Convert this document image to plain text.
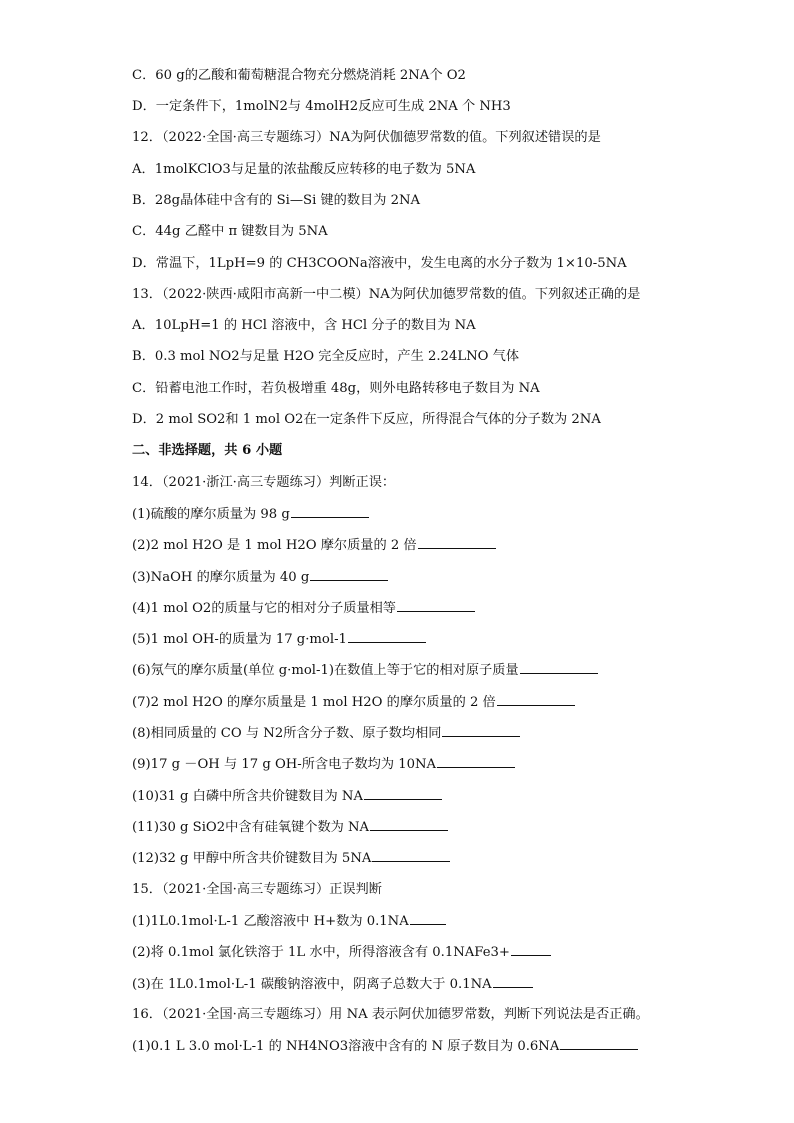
C．60 g的乙酸和葡萄糖混合物充分燃烧消耗 2NA个 O2
D．一定条件下，1molN2与 4molH2反应可生成 2NA 个 NH3
12．（2022·全国·高三专题练习）NA为阿伏伽德罗常数的值。下列叙述错误的是
A．1molKClO3与足量的浓盐酸反应转移的电子数为 5NA
B．28g晶体硅中含有的 Si—Si 键的数目为 2NA
C．44g 乙醛中 π 键数目为 5NA
D．常温下，1LpH=9 的 CH3COONa溶液中，发生电离的水分子数为 1×10-5NA
13．（2022·陕西·咸阳市高新一中二模）NA为阿伏加德罗常数的值。下列叙述正确的是
A．10LpH=1 的 HCl 溶液中，含 HCl 分子的数目为 NA
B．0.3 mol NO2与足量 H2O 完全反应时，产生 2.24LNO 气体
C．铅蓄电池工作时，若负极增重 48g，则外电路转移电子数目为 NA
D．2 mol SO2和 1 mol O2在一定条件下反应，所得混合气体的分子数为 2NA
二、非选择题，共 6 小题
14．（2021·浙江·高三专题练习）判断正误：
(1)硫酸的摩尔质量为 98 g
(2)2 mol H2O 是 1 mol H2O 摩尔质量的 2 倍
(3)NaOH 的摩尔质量为 40 g
(4)1 mol O2的质量与它的相对分子质量相等
(5)1 mol OH-的质量为 17 g·mol-1
(6)氖气的摩尔质量(单位 g·mol-1)在数值上等于它的相对原子质量
(7)2 mol H2O 的摩尔质量是 1 mol H2O 的摩尔质量的 2 倍
(8)相同质量的 CO 与 N2所含分子数、原子数均相同
(9)17 g －OH 与 17 g OH-所含电子数均为 10NA
(10)31 g 白磷中所含共价键数目为 NA
(11)30 g SiO2中含有硅氧键个数为 NA
(12)32 g 甲醇中所含共价键数目为 5NA
15．（2021·全国·高三专题练习）正误判断
(1)1L0.1mol·L-1 乙酸溶液中 H+数为 0.1NA
(2)将 0.1mol 氯化铁溶于 1L 水中，所得溶液含有 0.1NAFe3+
(3)在 1L0.1mol·L-1 碳酸钠溶液中，阴离子总数大于 0.1NA
16．（2021·全国·高三专题练习）用 NA 表示阿伏加德罗常数，判断下列说法是否正确。
(1)0.1 L 3.0 mol·L-1 的 NH4NO3溶液中含有的 N 原子数目为 0.6NA
